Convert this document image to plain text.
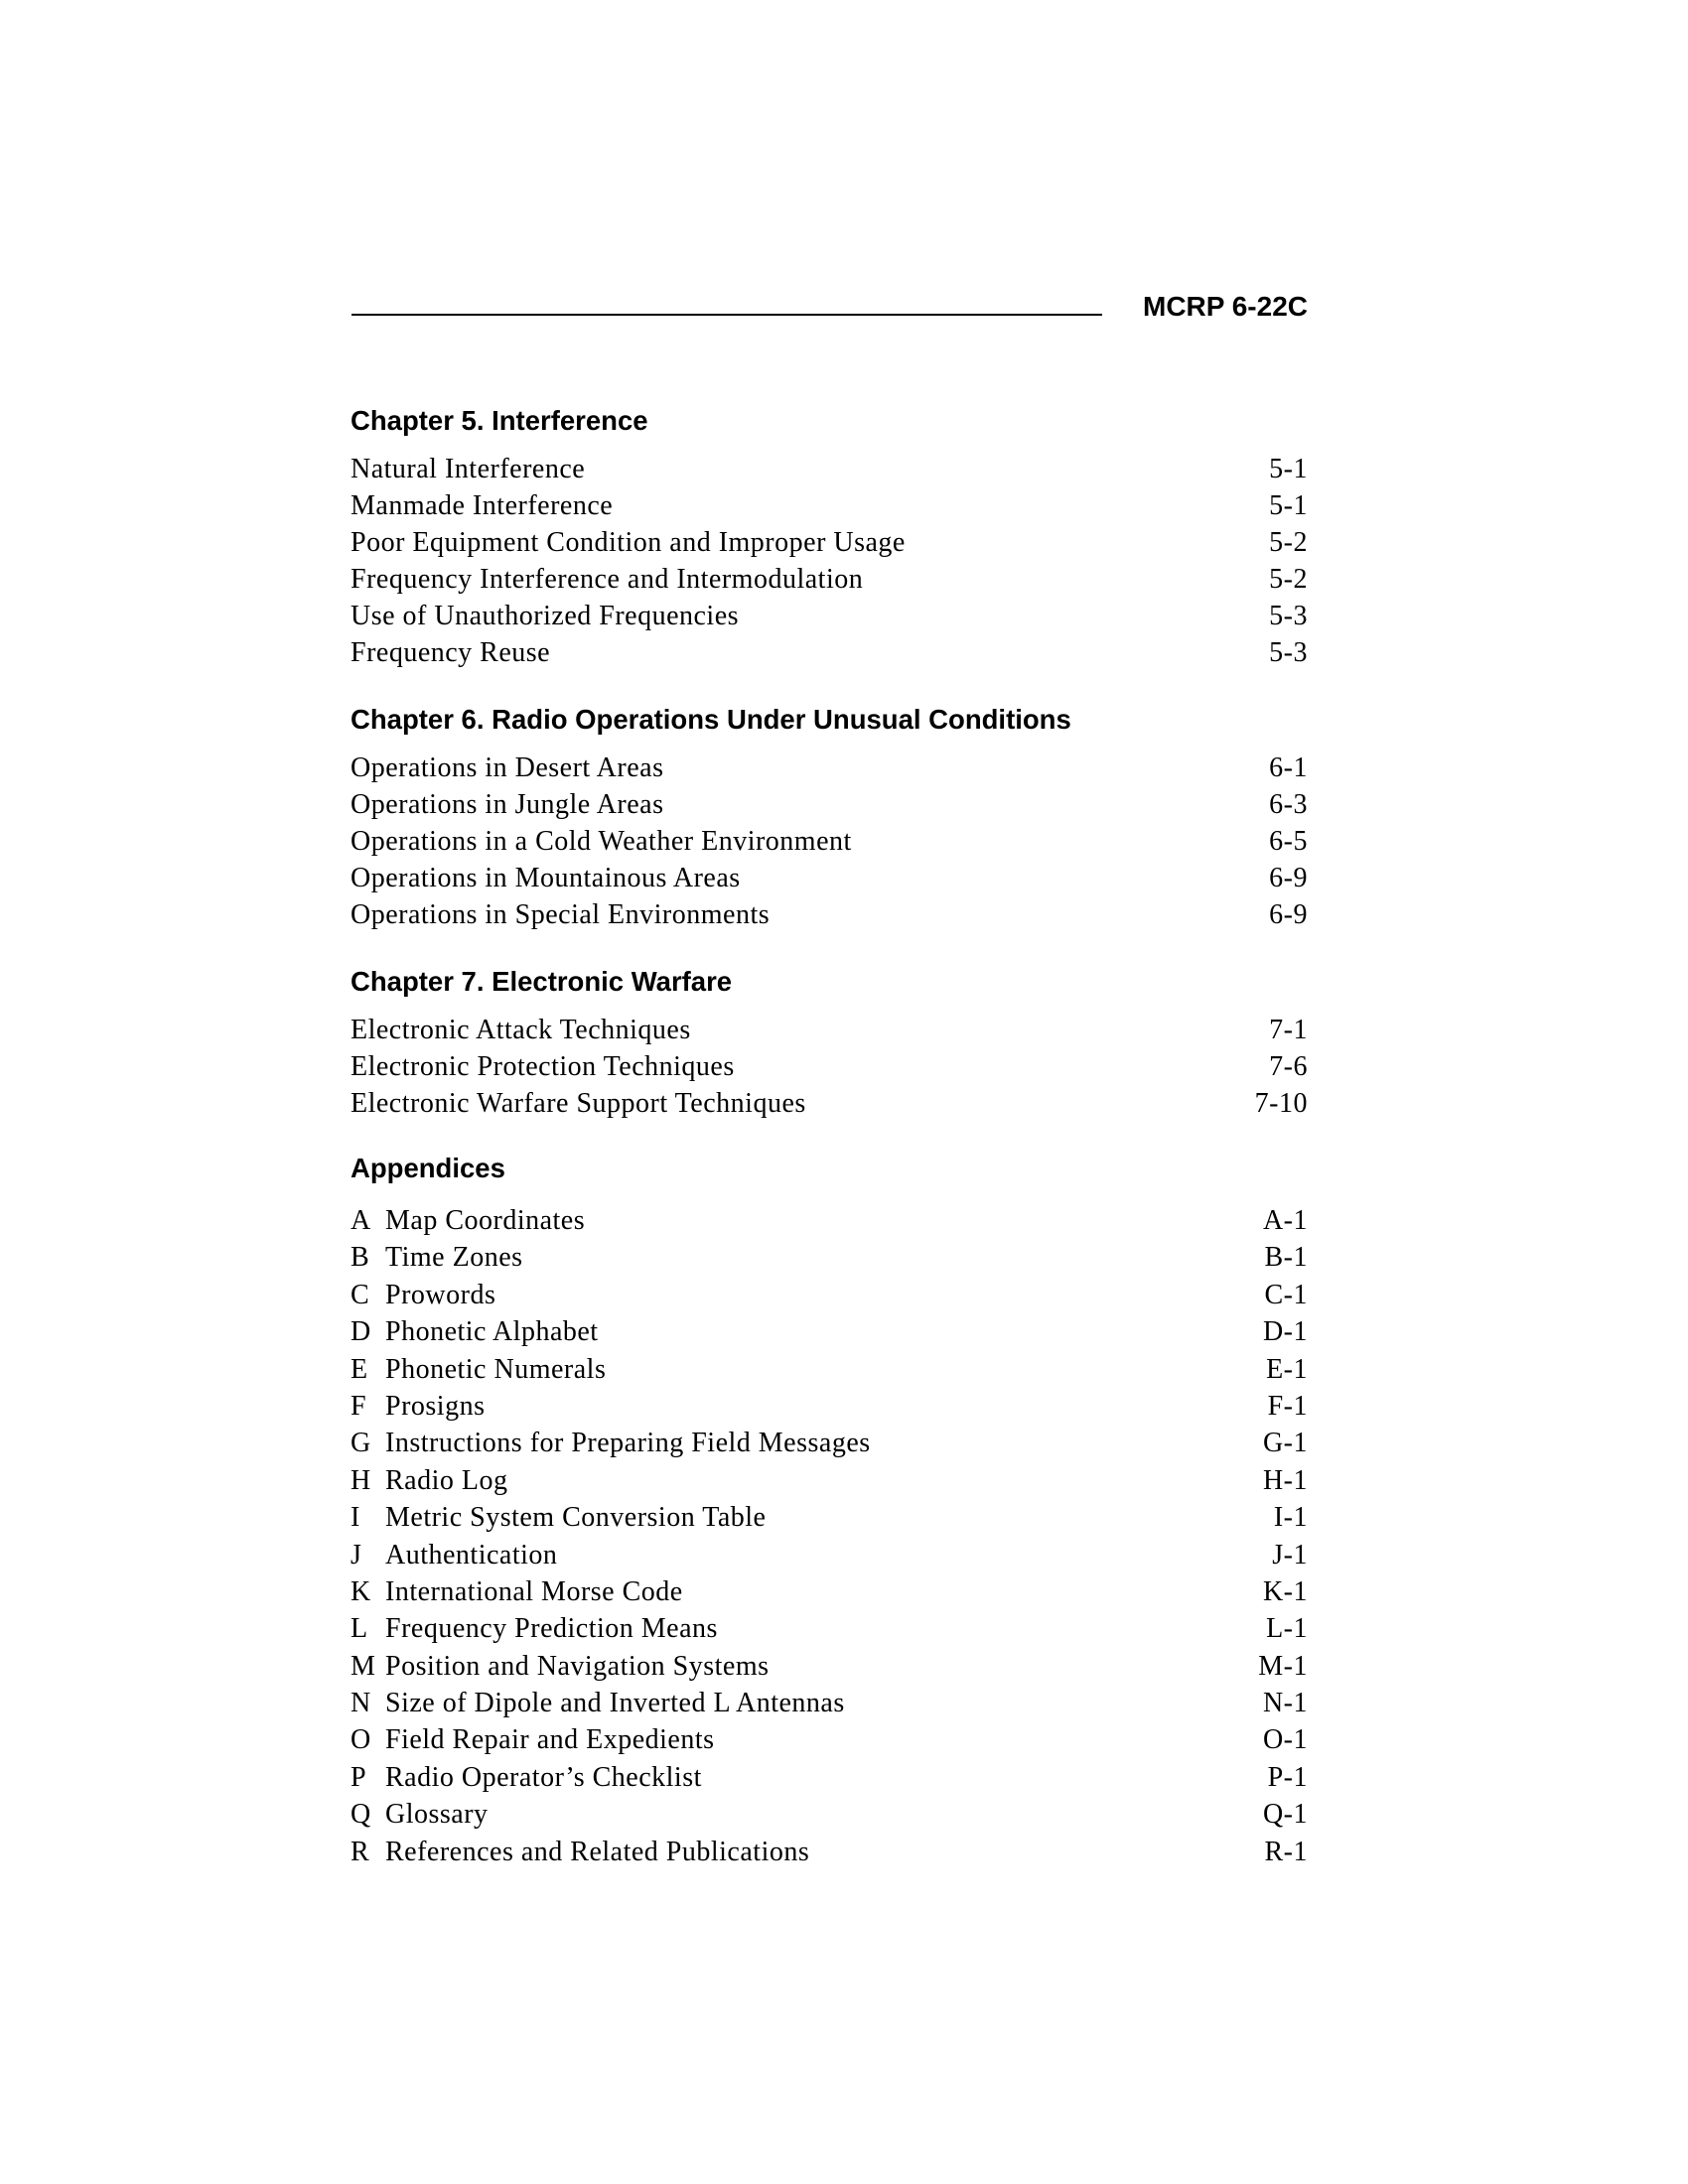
MCRP 6-22C
Chapter 5. Interference
Natural Interference	5-1
Manmade Interference	5-1
Poor Equipment Condition and Improper Usage	5-2
Frequency Interference and Intermodulation	5-2
Use of Unauthorized Frequencies	5-3
Frequency Reuse	5-3
Chapter 6. Radio Operations Under Unusual Conditions
Operations in Desert Areas	6-1
Operations in Jungle Areas	6-3
Operations in a Cold Weather Environment	6-5
Operations in Mountainous Areas	6-9
Operations in Special Environments	6-9
Chapter 7. Electronic Warfare
Electronic Attack Techniques	7-1
Electronic Protection Techniques	7-6
Electronic Warfare Support Techniques	7-10
Appendices
A Map Coordinates	A-1
B Time Zones	B-1
C Prowords	C-1
D Phonetic Alphabet	D-1
E Phonetic Numerals	E-1
F Prosigns	F-1
G Instructions for Preparing Field Messages	G-1
H Radio Log	H-1
I Metric System Conversion Table	I-1
J Authentication	J-1
K International Morse Code	K-1
L Frequency Prediction Means	L-1
M Position and Navigation Systems	M-1
N Size of Dipole and Inverted L Antennas	N-1
O Field Repair and Expedients	O-1
P Radio Operator’s Checklist	P-1
Q Glossary	Q-1
R References and Related Publications	R-1
